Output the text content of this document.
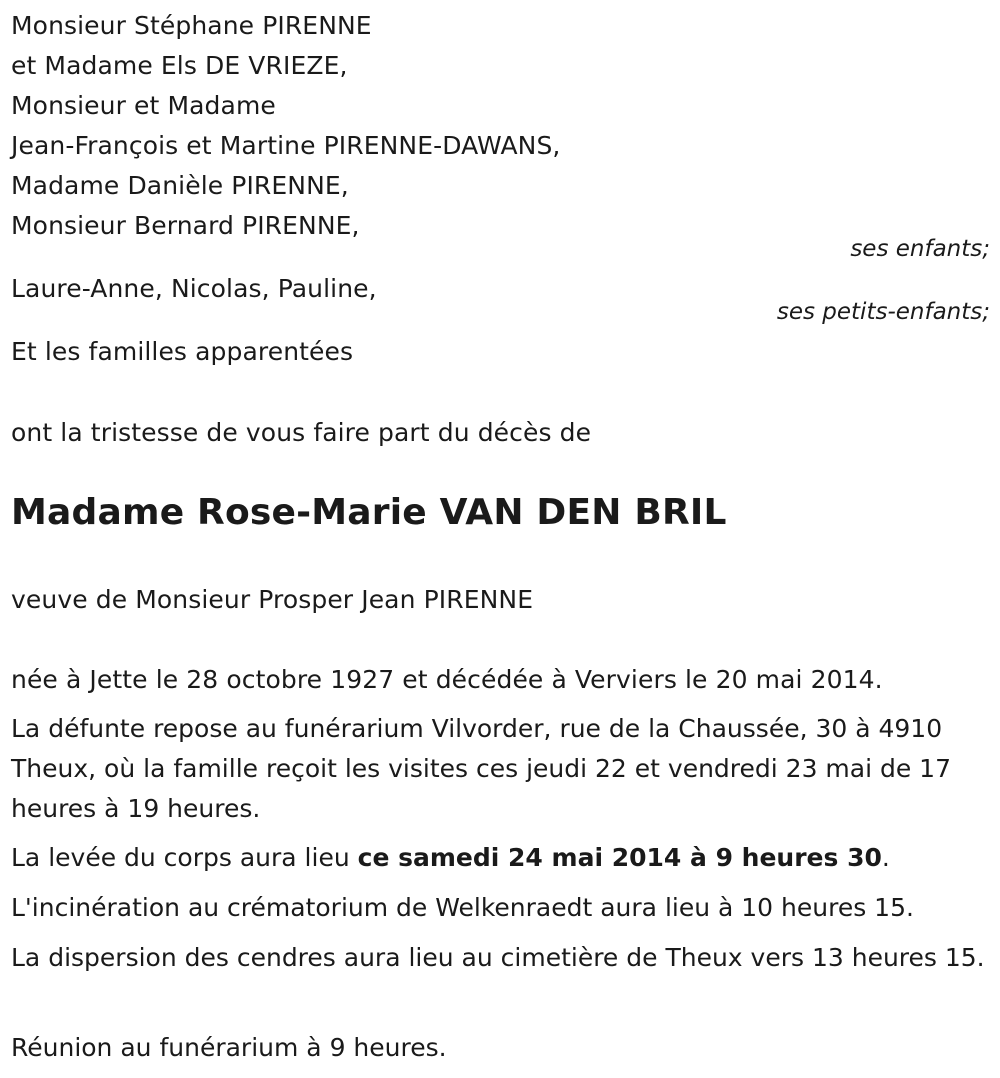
Monsieur Stéphane PIRENNE
et Madame Els DE VRIEZE,
Monsieur et Madame
Jean-François et Martine PIRENNE-DAWANS,
Madame Danièle PIRENNE,
Monsieur Bernard PIRENNE,
ses enfants;
Laure-Anne, Nicolas, Pauline,
ses petits-enfants;
Et les familles apparentées
ont la tristesse de vous faire part du décès de
Madame Rose-Marie VAN DEN BRIL
veuve de Monsieur Prosper Jean PIRENNE
née à Jette le 28 octobre 1927 et décédée à Verviers le 20 mai 2014.
La défunte repose au funérarium Vilvorder, rue de la Chaussée, 30 à 4910 Theux, où la famille reçoit les visites ces jeudi 22 et vendredi 23 mai de 17 heures à 19 heures.
La levée du corps aura lieu ce samedi 24 mai 2014 à 9 heures 30.
L'incinération au crématorium de Welkenraedt aura lieu à 10 heures 15.
La dispersion des cendres aura lieu au cimetière de Theux vers 13 heures 15.
Réunion au funérarium à 9 heures.
